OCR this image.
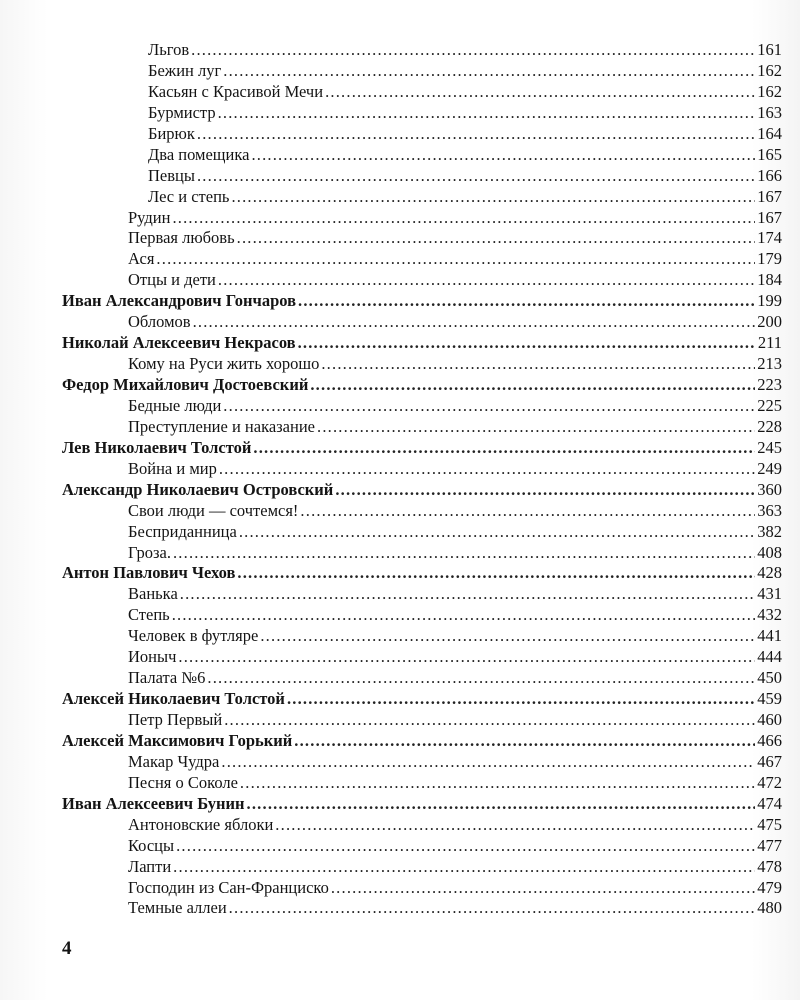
Льгов .....	161
Бежин луг .....	162
Касьян с Красивой Мечи .....	162
Бурмистр .....	163
Бирюк .....	164
Два помещика .....	165
Певцы .....	166
Лес и степь .....	167
Рудин .....	167
Первая любовь .....	174
Ася .....	179
Отцы и дети .....	184
Иван Александрович Гончаров .....	199
Обломов .....	200
Николай Алексеевич Некрасов .....	211
Кому на Руси жить хорошо .....	213
Федор Михайлович Достоевский .....	223
Бедные люди .....	225
Преступление и наказание .....	228
Лев Николаевич Толстой .....	245
Война и мир .....	249
Александр Николаевич Островский .....	360
Свои люди — сочтемся! .....	363
Бесприданница .....	382
Гроза. .....	408
Антон Павлович Чехов .....	428
Ванька .....	431
Степь .....	432
Человек в футляре .....	441
Ионыч .....	444
Палата №6 .....	450
Алексей Николаевич Толстой .....	459
Петр Первый .....	460
Алексей Максимович Горький .....	466
Макар Чудра .....	467
Песня о Соколе .....	472
Иван Алексеевич Бунин .....	474
Антоновские яблоки .....	475
Косцы .....	477
Лапти .....	478
Господин из Сан-Франциско .....	479
Темные аллеи .....	480
4
